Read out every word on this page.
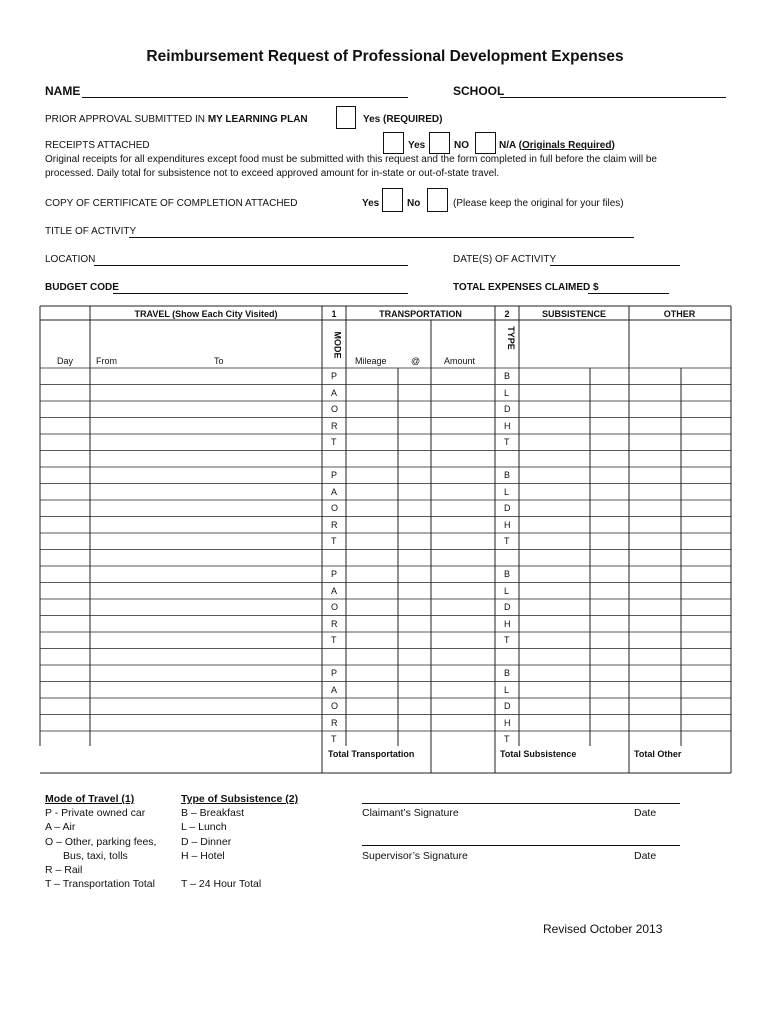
Reimbursement Request of Professional Development Expenses
NAME	SCHOOL
PRIOR APPROVAL SUBMITTED IN MY LEARNING PLAN	Yes (REQUIRED)
RECEIPTS ATTACHED	Yes	NO	N/A (Originals Required)
Original receipts for all expenditures except food must be submitted with this request and the form completed in full before the claim will be
processed. Daily total for subsistence not to exceed approved amount for in-state or out-of-state travel.
COPY OF CERTIFICATE OF COMPLETION ATTACHED	Yes	No	(Please keep the original for your files)
TITLE OF ACTIVITY
LOCATION	DATE(S) OF ACTIVITY
BUDGET CODE	TOTAL EXPENSES CLAIMED $
TRAVEL (Show Each City Visited)	1	TRANSPORTATION	2	SUBSISTENCE	OTHER
MODE	TYPE
Day	From	To	Mileage	@	Amount
P	B
A	L
O	D
R	H
T	T
P	B
A	L
O	D
R	H
T	T
P	B
A	L
O	D
R	H
T	T
P	B
A	L
O	D
R	H
T	T
Total Transportation	Total Subsistence	Total Other
Mode of Travel (1)
P - Private owned car
A – Air
O – Other, parking fees,
Bus, taxi, tolls
R – Rail
T – Transportation Total
Type of Subsistence (2)
B – Breakfast
L – Lunch
D – Dinner
H – Hotel
T – 24 Hour Total
Claimant’s Signature	Date
Supervisor’s Signature	Date
Revised October 2013
